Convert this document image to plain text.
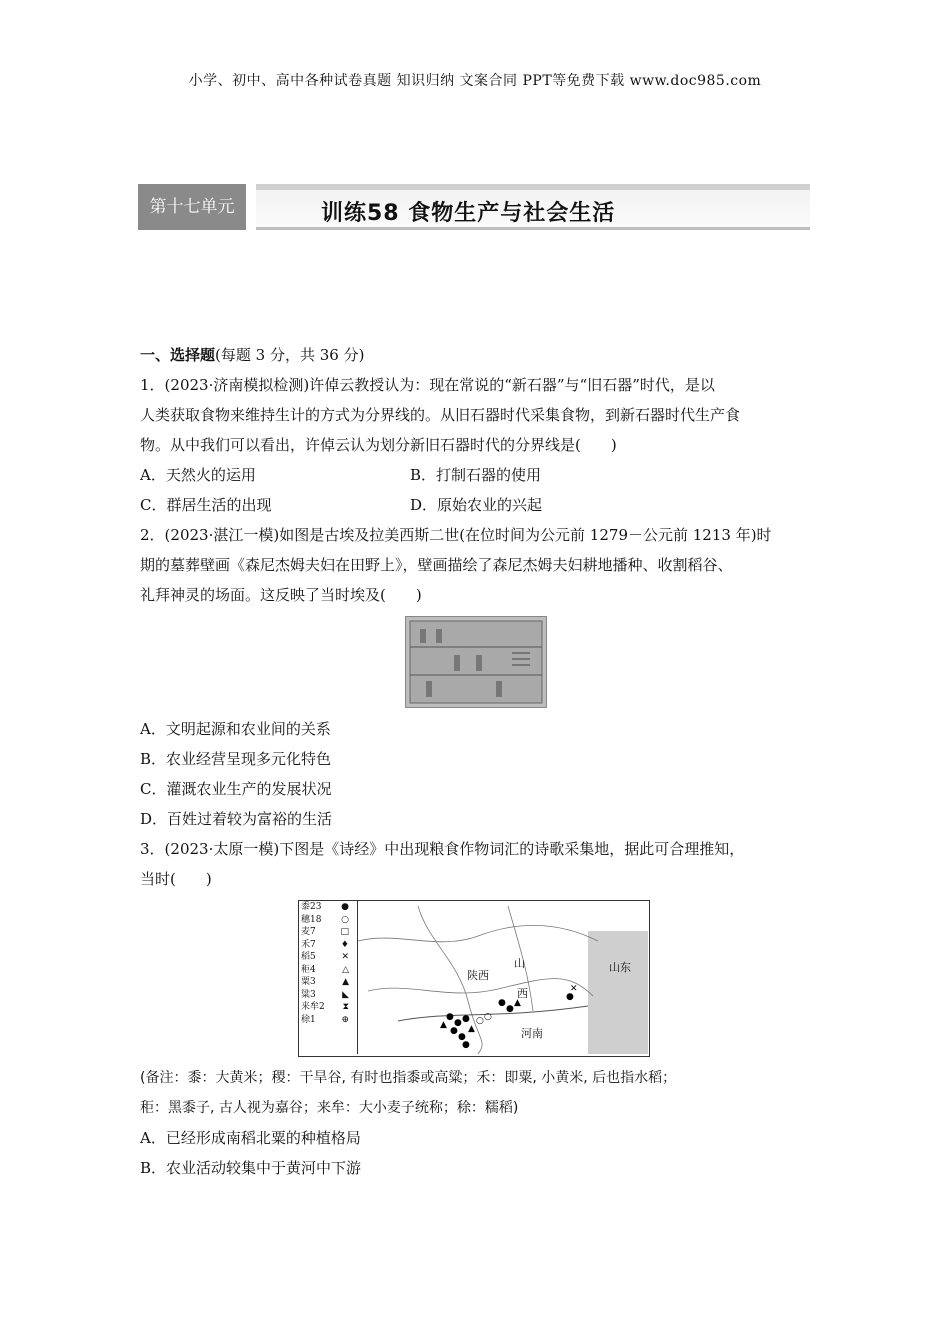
小学、初中、高中各种试卷真题 知识归纳 文案合同 PPT等免费下载 www.doc985.com
第十七单元	训练58 食物生产与社会生活
一、选择题(每题 3 分，共 36 分)
1．(2023·济南模拟检测)许倬云教授认为：现在常说的“新石器”与“旧石器”时代，是以
人类获取食物来维持生计的方式为分界线的。从旧石器时代采集食物，到新石器时代生产食
物。从中我们可以看出，许倬云认为划分新旧石器时代的分界线是(　　)
A．天然火的运用	B．打制石器的使用
C．群居生活的出现	D．原始农业的兴起
2．(2023·湛江一模)如图是古埃及拉美西斯二世(在位时间为公元前 1279－公元前 1213 年)时
期的墓葬壁画《森尼杰姆夫妇在田野上》，壁画描绘了森尼杰姆夫妇耕地播种、收割稻谷、
礼拜神灵的场面。这反映了当时埃及(　　)
A．文明起源和农业间的关系
B．农业经营呈现多元化特色
C．灌溉农业生产的发展状况
D．百姓过着较为富裕的生活
3．(2023·太原一模)下图是《诗经》中出现粮食作物词汇的诗歌采集地，据此可合理推知，
当时(　　)
黍23 ●
穗18 ○
麦7	□
禾7	♦
稻5	✕
秬4	△
粟3	▲
粱3	◣
来牟2 ⧗
稌1	⊕	●
● ●
●
●
▲
▲	○ ○
●
●
▲
●
✕
●
陕西
山
西
山东
河南
(备注：黍：大黄米；稷：干旱谷, 有时也指黍或高粱；禾：即粟, 小黄米, 后也指水稻；
秬：黑黍子, 古人视为嘉谷；来牟：大小麦子统称；稌：糯稻)
A．已经形成南稻北粟的种植格局
B．农业活动较集中于黄河中下游
